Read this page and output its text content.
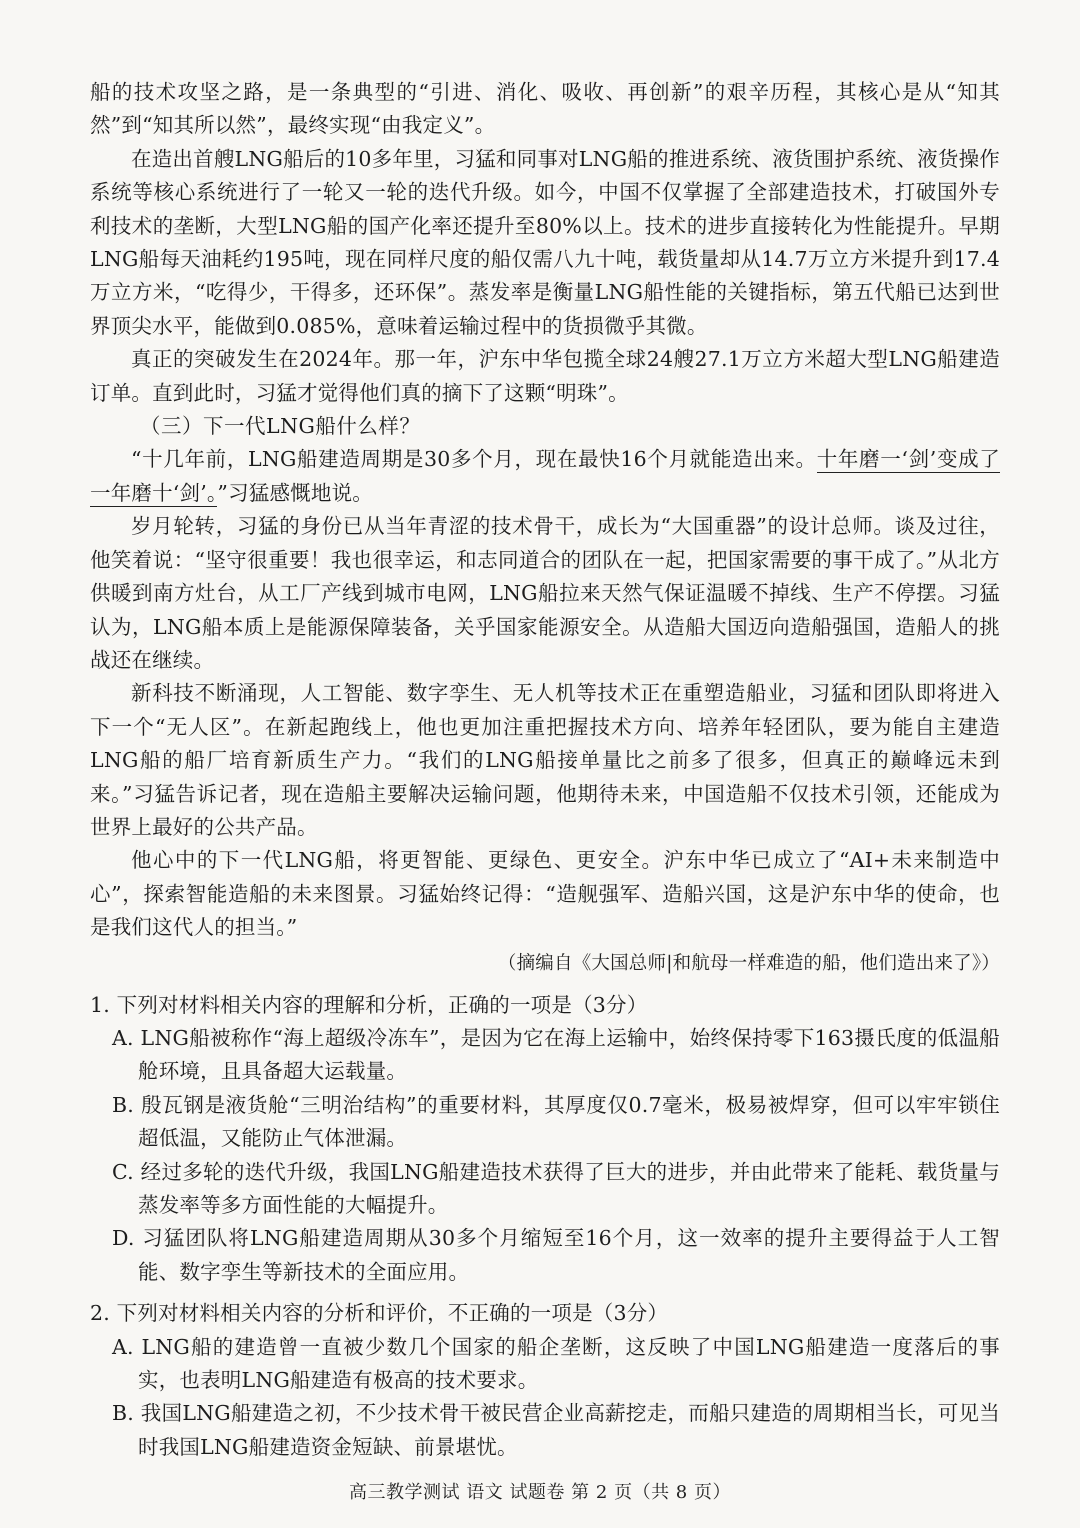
船的技术攻坚之路，是一条典型的“引进、消化、吸收、再创新”的艰辛历程，其核心是从“知其然”到“知其所以然”，最终实现“由我定义”。

在造出首艘LNG船后的10多年里，习猛和同事对LNG船的推进系统、液货围护系统、液货操作系统等核心系统进行了一轮又一轮的迭代升级。如今，中国不仅掌握了全部建造技术，打破国外专利技术的垄断，大型LNG船的国产化率还提升至80%以上。技术的进步直接转化为性能提升。早期LNG船每天油耗约195吨，现在同样尺度的船仅需八九十吨，载货量却从14.7万立方米提升到17.4万立方米，“吃得少，干得多，还环保”。蒸发率是衡量LNG船性能的关键指标，第五代船已达到世界顶尖水平，能做到0.085%，意味着运输过程中的货损微乎其微。

真正的突破发生在2024年。那一年，沪东中华包揽全球24艘27.1万立方米超大型LNG船建造订单。直到此时，习猛才觉得他们真的摘下了这颗“明珠”。

（三）下一代LNG船什么样？

“十几年前，LNG船建造周期是30多个月，现在最快16个月就能造出来。十年磨一‘剑’变成了一年磨十‘剑’。”习猛感慨地说。

岁月轮转，习猛的身份已从当年青涩的技术骨干，成长为“大国重器”的设计总师。谈及过往，他笑着说：“坚守很重要！我也很幸运，和志同道合的团队在一起，把国家需要的事干成了。”从北方供暖到南方灶台，从工厂产线到城市电网，LNG船拉来天然气保证温暖不掉线、生产不停摆。习猛认为，LNG船本质上是能源保障装备，关乎国家能源安全。从造船大国迈向造船强国，造船人的挑战还在继续。

新科技不断涌现，人工智能、数字孪生、无人机等技术正在重塑造船业，习猛和团队即将进入下一个“无人区”。在新起跑线上，他也更加注重把握技术方向、培养年轻团队，要为能自主建造LNG船的船厂培育新质生产力。“我们的LNG船接单量比之前多了很多，但真正的巅峰远未到来。”习猛告诉记者，现在造船主要解决运输问题，他期待未来，中国造船不仅技术引领，还能成为世界上最好的公共产品。

他心中的下一代LNG船，将更智能、更绿色、更安全。沪东中华已成立了“AI+未来制造中心”，探索智能造船的未来图景。习猛始终记得：“造舰强军、造船兴国，这是沪东中华的使命，也是我们这代人的担当。”

（摘编自《大国总师|和航母一样难造的船，他们造出来了》）

1. 下列对材料相关内容的理解和分析，正确的一项是（3分）

A. LNG船被称作“海上超级冷冻车”，是因为它在海上运输中，始终保持零下163摄氏度的低温船舱环境，且具备超大运载量。

B. 殷瓦钢是液货舱“三明治结构”的重要材料，其厚度仅0.7毫米，极易被焊穿，但可以牢牢锁住超低温，又能防止气体泄漏。

C. 经过多轮的迭代升级，我国LNG船建造技术获得了巨大的进步，并由此带来了能耗、载货量与蒸发率等多方面性能的大幅提升。

D. 习猛团队将LNG船建造周期从30多个月缩短至16个月，这一效率的提升主要得益于人工智能、数字孪生等新技术的全面应用。

2. 下列对材料相关内容的分析和评价，不正确的一项是（3分）

A. LNG船的建造曾一直被少数几个国家的船企垄断，这反映了中国LNG船建造一度落后的事实，也表明LNG船建造有极高的技术要求。

B. 我国LNG船建造之初，不少技术骨干被民营企业高薪挖走，而船只建造的周期相当长，可见当时我国LNG船建造资金短缺、前景堪忧。

高三教学测试 语文 试题卷 第 2 页（共 8 页）
